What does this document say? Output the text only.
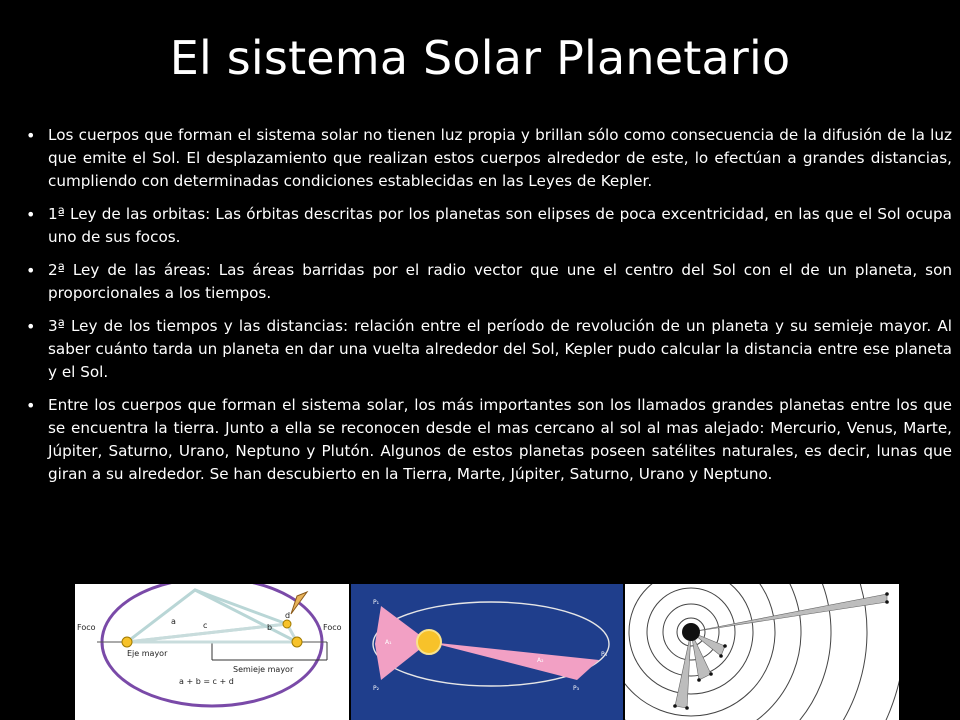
El sistema Solar Planetario
• Los cuerpos que forman el sistema solar no tienen luz propia y brillan sólo como consecuencia de la difusión de la luz que emite el Sol. El desplazamiento que realizan estos cuerpos alrededor de este, lo efectúan a grandes distancias, cumpliendo con determinadas condiciones establecidas en las Leyes de Kepler.
• 1ª Ley de las orbitas: Las órbitas descritas por los planetas son elipses de poca excentricidad, en las que el Sol ocupa uno de sus focos.
• 2ª Ley de las áreas: Las áreas barridas por el radio vector que une el centro del Sol con el de un planeta, son proporcionales a los tiempos.
• 3ª Ley de los tiempos y las distancias: relación entre el período de revolución de un planeta y su semieje mayor. Al saber cuánto tarda un planeta en dar una vuelta alrededor del Sol, Kepler pudo calcular la distancia entre ese planeta y el Sol.
• Entre los cuerpos que forman el sistema solar, los más importantes son los llamados grandes planetas entre los que se encuentra la tierra. Junto a ella se reconocen desde el mas cercano al sol al mas alejado: Mercurio, Venus, Marte, Júpiter, Saturno, Urano, Neptuno y Plutón. Algunos de estos planetas poseen satélites naturales, es decir, lunas que giran a su alrededor. Se han descubierto en la Tierra, Marte, Júpiter, Saturno, Urano y Neptuno.
Foco	Foco
Eje mayor
Semieje mayor
a + b = c + d
a	c	b
d
P₁
P₂	P₃
P₄
A₁
A₂
